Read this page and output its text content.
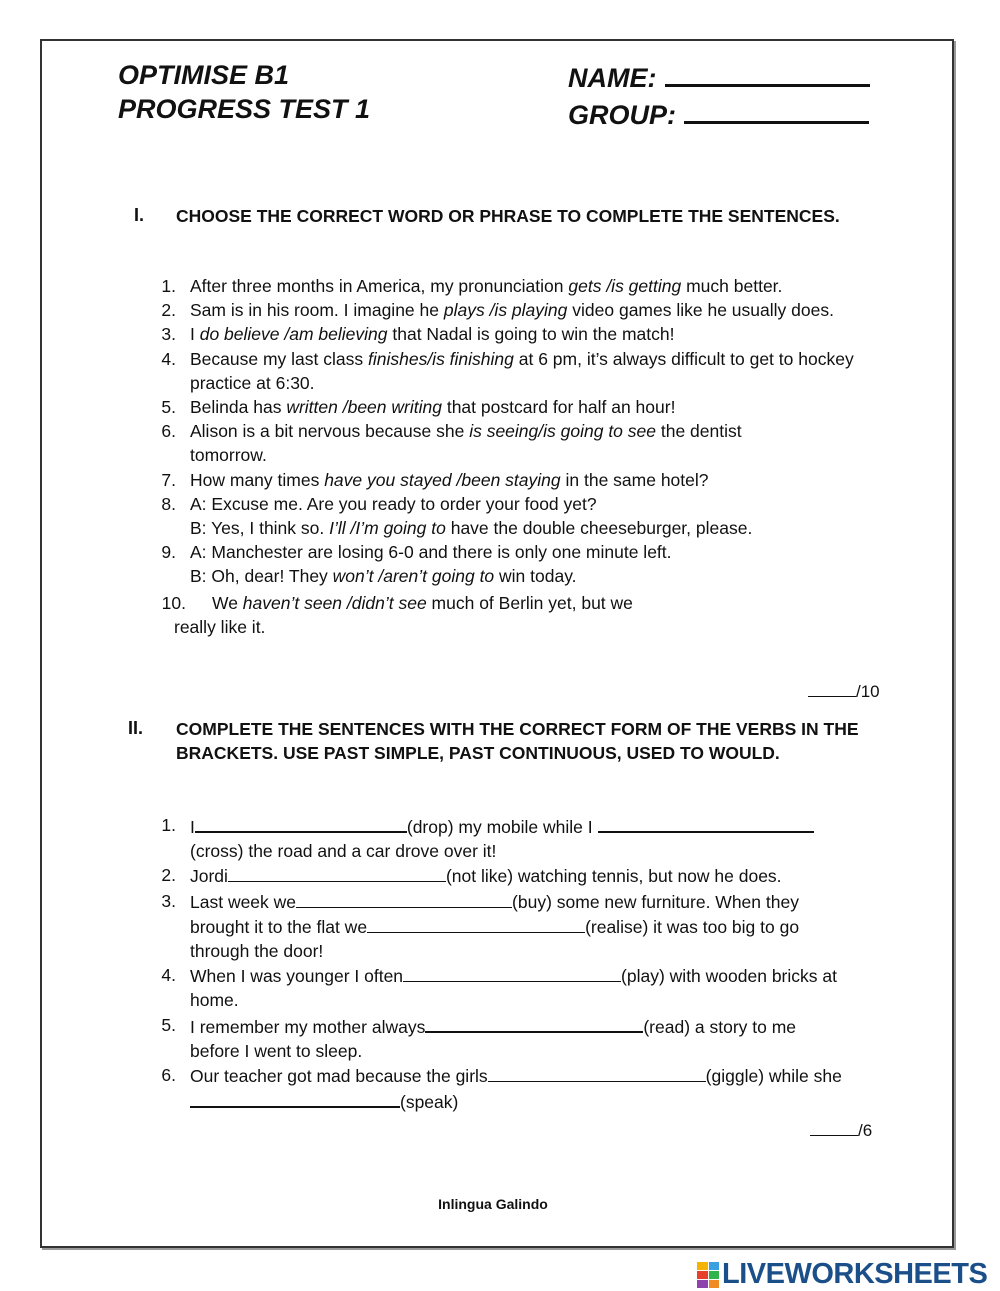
OPTIMISE B1
PROGRESS TEST 1
NAME:
GROUP:
I. CHOOSE THE CORRECT WORD OR PHRASE TO COMPLETE THE SENTENCES.
1. After three months in America, my pronunciation gets /is getting much better.
2. Sam is in his room. I imagine he plays /is playing video games like he usually does.
3. I do believe /am believing that Nadal is going to win the match!
4. Because my last class finishes/is finishing at 6 pm, it’s always difficult to get to hockey practice at 6:30.
5. Belinda has written /been writing that postcard for half an hour!
6. Alison is a bit nervous because she is seeing/is going to see the dentist tomorrow.
7. How many times have you stayed /been staying in the same hotel?
8. A: Excuse me. Are you ready to order your food yet?
B: Yes, I think so. I’ll /I’m going to have the double cheeseburger, please.
9. A: Manchester are losing 6-0 and there is only one minute left.
B: Oh, dear! They won’t /aren’t going to win today.
10.	We haven’t seen /didn’t see much of Berlin yet, but we
really like it.
/10
II. COMPLETE THE SENTENCES WITH THE CORRECT FORM OF THE VERBS IN THE BRACKETS. USE PAST SIMPLE, PAST CONTINUOUS, USED TO WOULD.
1. I	(drop) my mobile while I
(cross) the road and a car drove over it!
2. Jordi	(not like) watching tennis, but now he does.
3. Last week we	(buy) some new furniture. When they
brought it to the flat we	(realise) it was too big to go
through the door!
4. When I was younger I often	(play) with wooden bricks at
home.
5. I remember my mother always	(read) a story to me
before I went to sleep.
6. Our teacher got mad because the girls	(giggle) while she
(speak)
/6
Inlingua Galindo
LIVEWORKSHEETS
